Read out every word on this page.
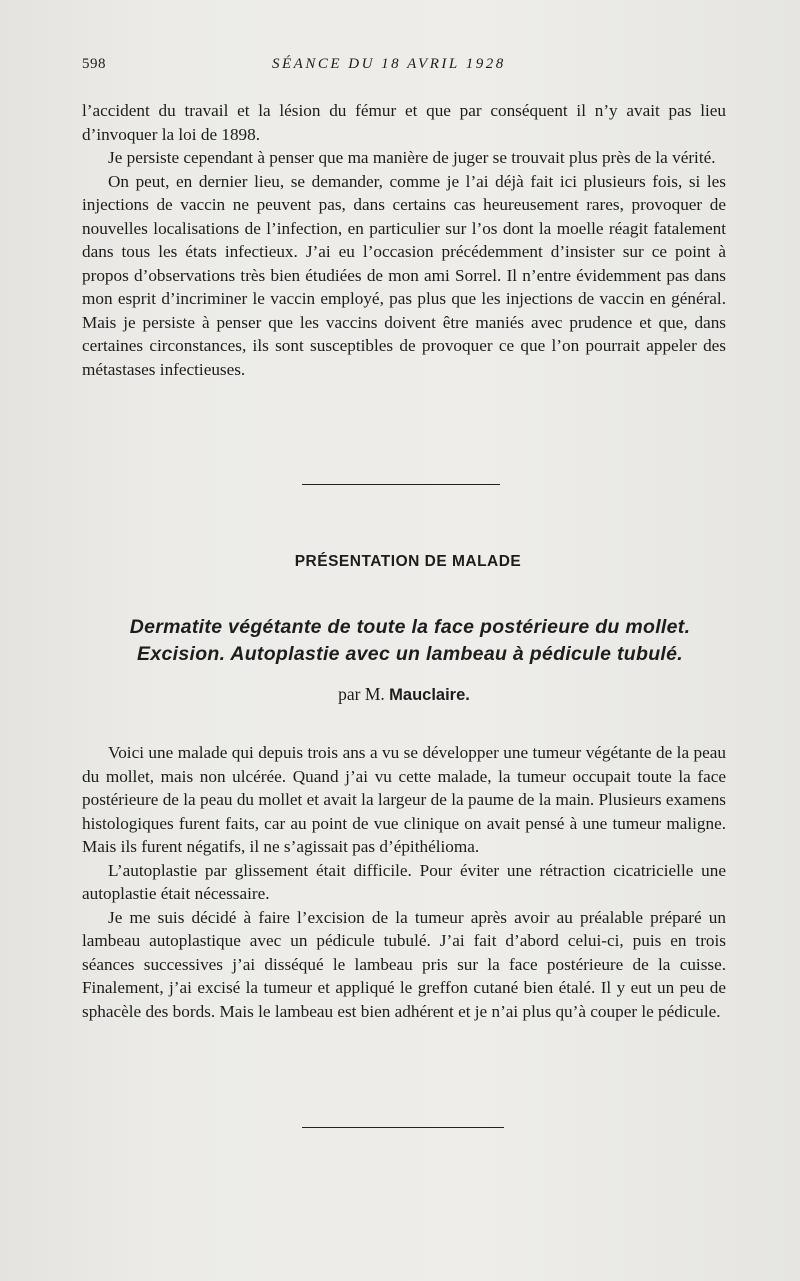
598	SÉANCE DU 18 AVRIL 1928

l’accident du travail et la lésion du fémur et que par conséquent il n’y avait pas lieu d’invoquer la loi de 1898.

Je persiste cependant à penser que ma manière de juger se trouvait plus près de la vérité.

On peut, en dernier lieu, se demander, comme je l’ai déjà fait ici plusieurs fois, si les injections de vaccin ne peuvent pas, dans certains cas heureusement rares, provoquer de nouvelles localisations de l’infection, en particulier sur l’os dont la moelle réagit fatalement dans tous les états infectieux. J’ai eu l’occasion précédemment d’insister sur ce point à propos d’observations très bien étudiées de mon ami Sorrel. Il n’entre évidemment pas dans mon esprit d’incriminer le vaccin employé, pas plus que les injections de vaccin en général. Mais je persiste à penser que les vaccins doivent être maniés avec prudence et que, dans certaines circonstances, ils sont susceptibles de provoquer ce que l’on pourrait appeler des métastases infectieuses.

PRÉSENTATION DE MALADE
Dermatite végétante de toute la face postérieure du mollet.
Excision. Autoplastie avec un lambeau à pédicule tubulé.
par M. Mauclaire.

Voici une malade qui depuis trois ans a vu se développer une tumeur végétante de la peau du mollet, mais non ulcérée. Quand j’ai vu cette malade, la tumeur occupait toute la face postérieure de la peau du mollet et avait la largeur de la paume de la main. Plusieurs examens histologiques furent faits, car au point de vue clinique on avait pensé à une tumeur maligne. Mais ils furent négatifs, il ne s’agissait pas d’épithélioma.

L’autoplastie par glissement était difficile. Pour éviter une rétraction cicatricielle une autoplastie était nécessaire.

Je me suis décidé à faire l’excision de la tumeur après avoir au préalable préparé un lambeau autoplastique avec un pédicule tubulé. J’ai fait d’abord celui-ci, puis en trois séances successives j’ai disséqué le lambeau pris sur la face postérieure de la cuisse. Finalement, j’ai excisé la tumeur et appliqué le greffon cutané bien étalé. Il y eut un peu de sphacèle des bords. Mais le lambeau est bien adhérent et je n’ai plus qu’à couper le pédicule.
